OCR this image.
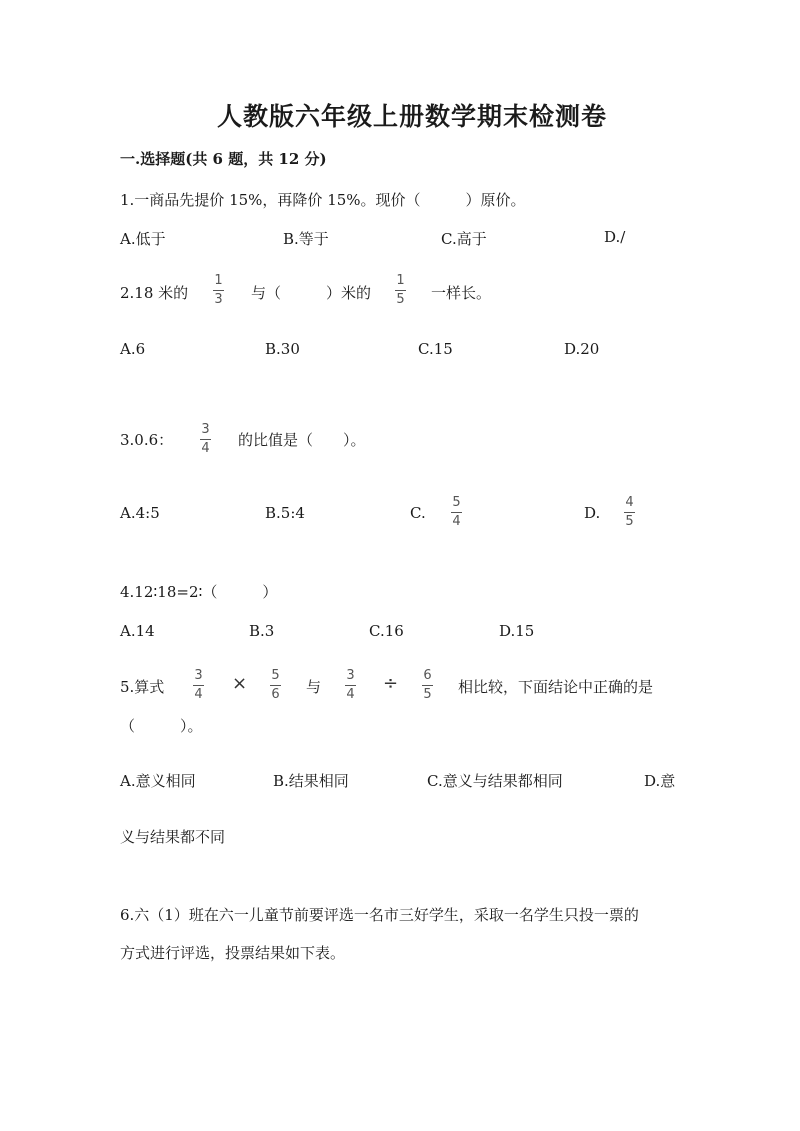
人教版六年级上册数学期末检测卷
一.选择题(共 6 题，共 12 分)
1.一商品先提价 15%，再降价 15%。现价（　　　）原价。
A.低于	B.等于	C.高于	D./
2.18 米的
1
3 与（　　　）米的
1
5 一样长。
A.6	B.30	C.15	D.20
3.0.6：
3
4 的比值是（　　）。
A.4:5	B.5:4	C.
5
4	D.
4
5
4.12∶18=2∶（　　　）
A.14	B.3	C.16	D.15
5.算式
3
4
× 5
6 与
3
4
÷ 6
5 相比较，下面结论中正确的是
（　　　）。
A.意义相同	B.结果相同	C.意义与结果都相同	D.意
义与结果都不同
6.六（1）班在六一儿童节前要评选一名市三好学生，采取一名学生只投一票的
方式进行评选，投票结果如下表。
